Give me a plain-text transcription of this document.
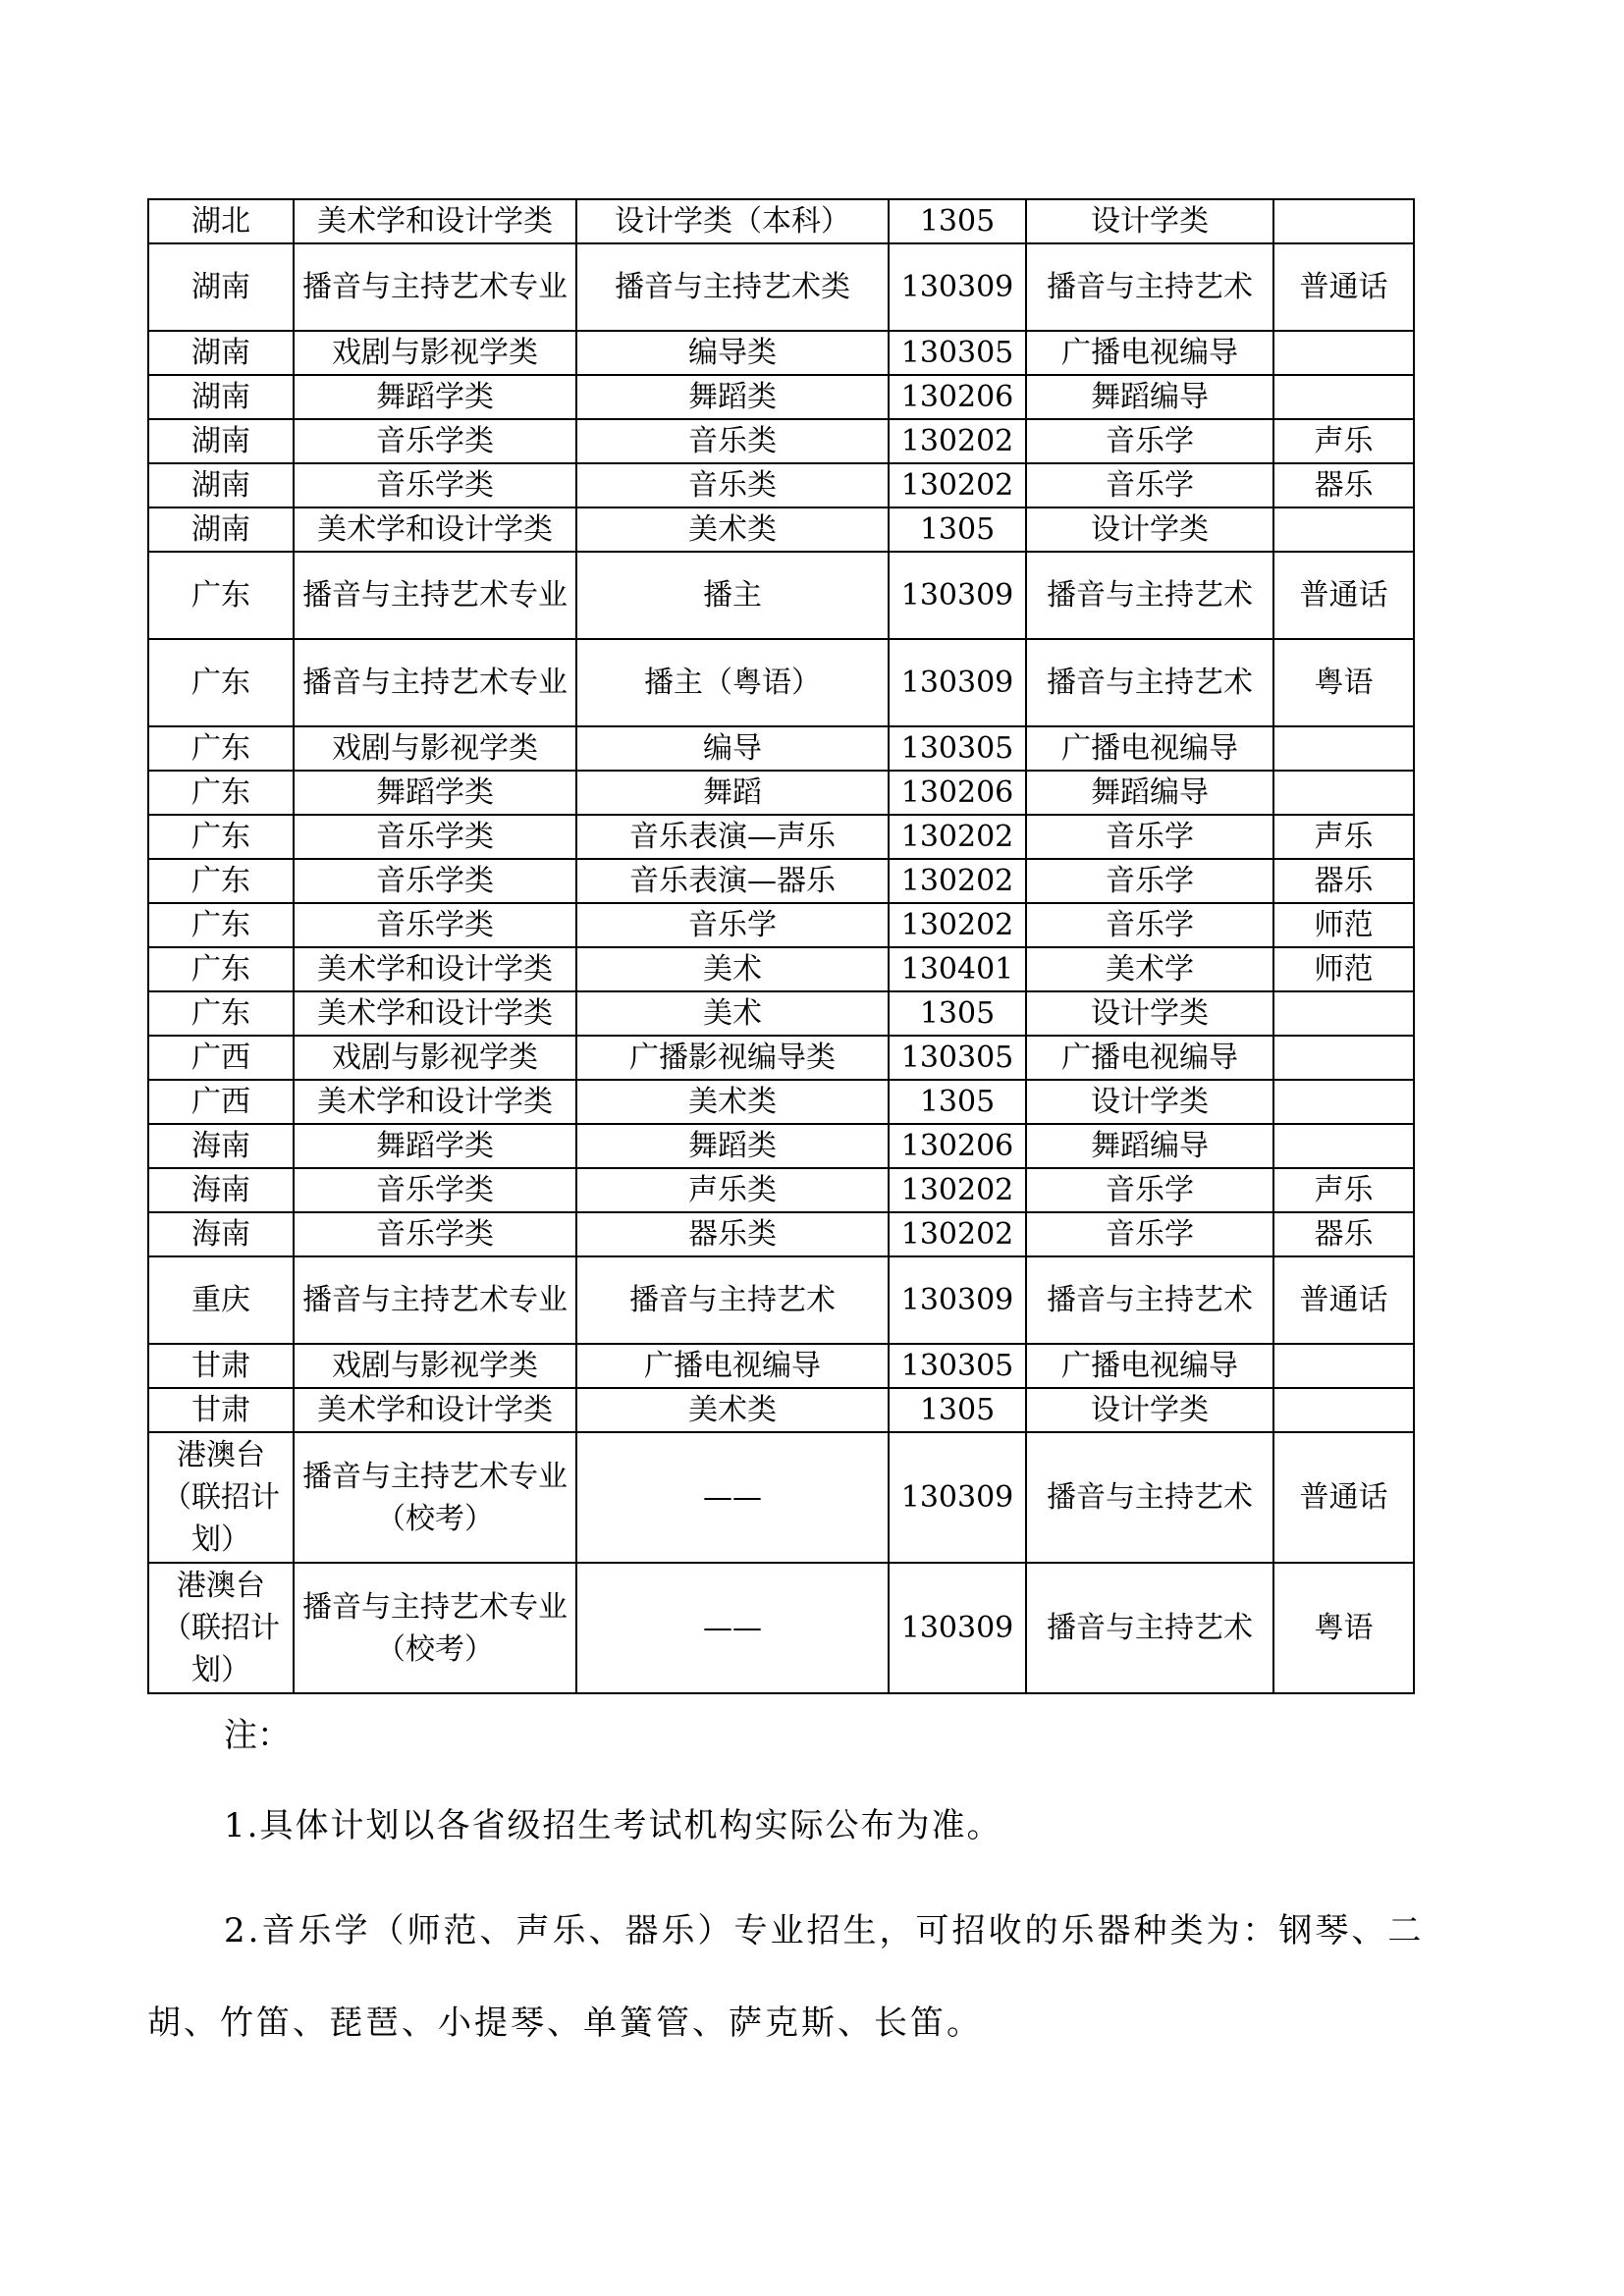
湖北	美术学和设计学类	设计学类（本科）	1305	设计学类	
湖南	播音与主持艺术专业	播音与主持艺术类	130309	播音与主持艺术	普通话
湖南	戏剧与影视学类	编导类	130305	广播电视编导	
湖南	舞蹈学类	舞蹈类	130206	舞蹈编导	
湖南	音乐学类	音乐类	130202	音乐学	声乐
湖南	音乐学类	音乐类	130202	音乐学	器乐
湖南	美术学和设计学类	美术类	1305	设计学类	
广东	播音与主持艺术专业	播主	130309	播音与主持艺术	普通话
广东	播音与主持艺术专业	播主（粤语）	130309	播音与主持艺术	粤语
广东	戏剧与影视学类	编导	130305	广播电视编导	
广东	舞蹈学类	舞蹈	130206	舞蹈编导	
广东	音乐学类	音乐表演—声乐	130202	音乐学	声乐
广东	音乐学类	音乐表演—器乐	130202	音乐学	器乐
广东	音乐学类	音乐学	130202	音乐学	师范
广东	美术学和设计学类	美术	130401	美术学	师范
广东	美术学和设计学类	美术	1305	设计学类	
广西	戏剧与影视学类	广播影视编导类	130305	广播电视编导	
广西	美术学和设计学类	美术类	1305	设计学类	
海南	舞蹈学类	舞蹈类	130206	舞蹈编导	
海南	音乐学类	声乐类	130202	音乐学	声乐
海南	音乐学类	器乐类	130202	音乐学	器乐
重庆	播音与主持艺术专业	播音与主持艺术	130309	播音与主持艺术	普通话
甘肃	戏剧与影视学类	广播电视编导	130305	广播电视编导	
甘肃	美术学和设计学类	美术类	1305	设计学类	
港澳台（联招计划）	播音与主持艺术专业（校考）	——	130309	播音与主持艺术	普通话
港澳台（联招计划）	播音与主持艺术专业（校考）	——	130309	播音与主持艺术	粤语
注：
1.具体计划以各省级招生考试机构实际公布为准。
2.音乐学（师范、声乐、器乐）专业招生，可招收的乐器种类为：钢琴、二胡、竹笛、琵琶、小提琴、单簧管、萨克斯、长笛。
